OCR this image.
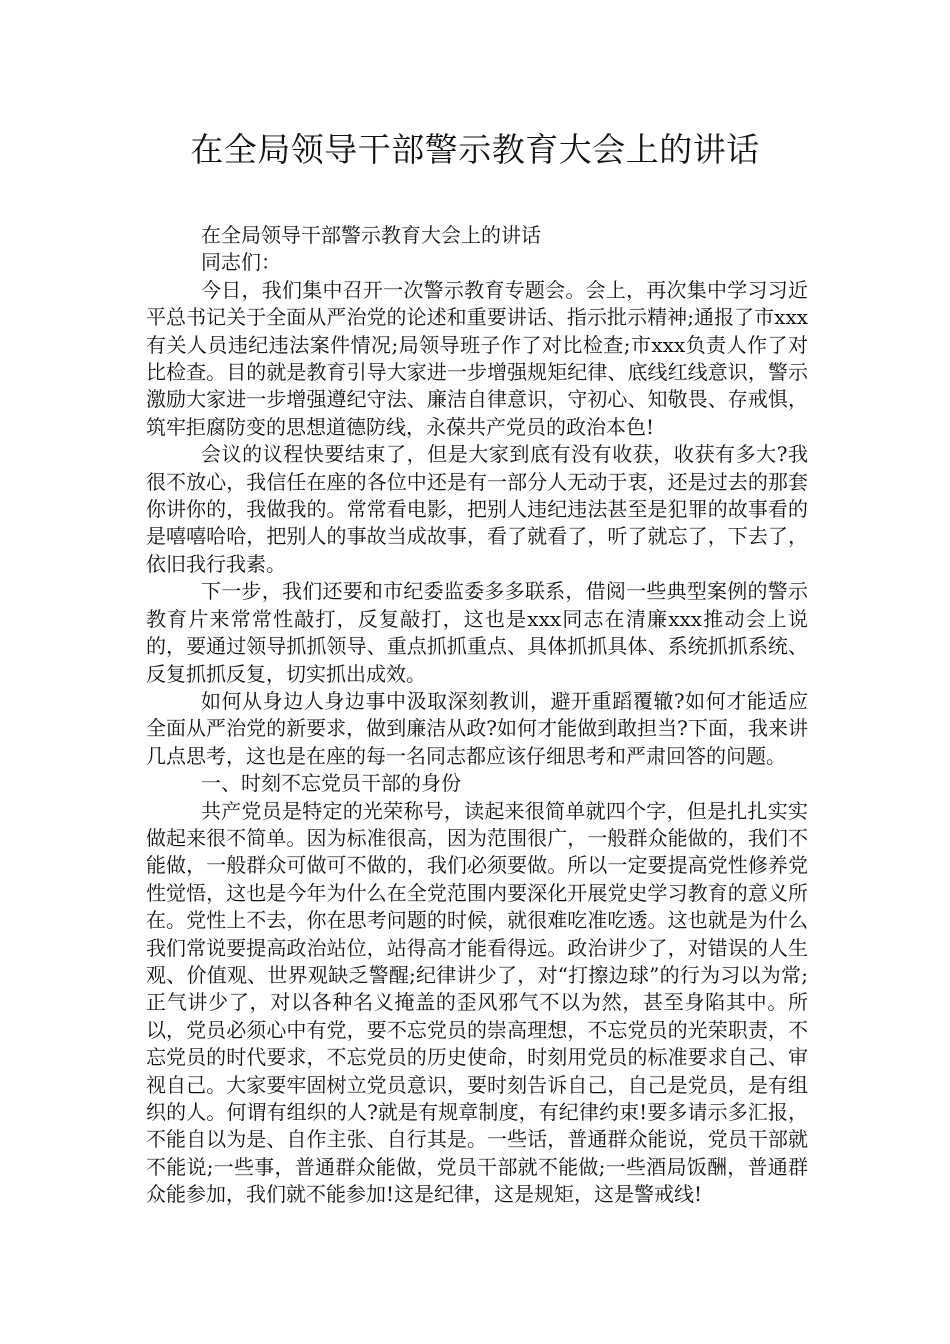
在全局领导干部警示教育大会上的讲话

在全局领导干部警示教育大会上的讲话

同志们：

今日，我们集中召开一次警示教育专题会。会上，再次集中学习习近平总书记关于全面从严治党的论述和重要讲话、指示批示精神;通报了市xxx有关人员违纪违法案件情况;局领导班子作了对比检查;市xxx负责人作了对比检查。目的就是教育引导大家进一步增强规矩纪律、底线红线意识，警示激励大家进一步增强遵纪守法、廉洁自律意识，守初心、知敬畏、存戒惧，筑牢拒腐防变的思想道德防线，永葆共产党员的政治本色!

会议的议程快要结束了，但是大家到底有没有收获，收获有多大?我很不放心，我信任在座的各位中还是有一部分人无动于衷，还是过去的那套你讲你的，我做我的。常常看电影，把别人违纪违法甚至是犯罪的故事看的是嘻嘻哈哈，把别人的事故当成故事，看了就看了，听了就忘了，下去了，依旧我行我素。

下一步，我们还要和市纪委监委多多联系，借阅一些典型案例的警示教育片来常常性敲打，反复敲打，这也是xxx同志在清廉xxx推动会上说的，要通过领导抓抓领导、重点抓抓重点、具体抓抓具体、系统抓抓系统、反复抓抓反复，切实抓出成效。

如何从身边人身边事中汲取深刻教训，避开重蹈覆辙?如何才能适应全面从严治党的新要求，做到廉洁从政?如何才能做到敢担当?下面，我来讲几点思考，这也是在座的每一名同志都应该仔细思考和严肃回答的问题。

一、时刻不忘党员干部的身份

共产党员是特定的光荣称号，读起来很简单就四个字，但是扎扎实实做起来很不简单。因为标准很高，因为范围很广，一般群众能做的，我们不能做，一般群众可做可不做的，我们必须要做。所以一定要提高党性修养党性觉悟，这也是今年为什么在全党范围内要深化开展党史学习教育的意义所在。党性上不去，你在思考问题的时候，就很难吃准吃透。这也就是为什么我们常说要提高政治站位，站得高才能看得远。政治讲少了，对错误的人生观、价值观、世界观缺乏警醒;纪律讲少了，对“打擦边球”的行为习以为常;正气讲少了，对以各种名义掩盖的歪风邪气不以为然，甚至身陷其中。所以，党员必须心中有党，要不忘党员的崇高理想，不忘党员的光荣职责，不忘党员的时代要求，不忘党员的历史使命，时刻用党员的标准要求自己、审视自己。大家要牢固树立党员意识，要时刻告诉自己，自己是党员，是有组织的人。何谓有组织的人?就是有规章制度，有纪律约束!要多请示多汇报，不能自以为是、自作主张、自行其是。一些话，普通群众能说，党员干部就不能说;一些事，普通群众能做，党员干部就不能做;一些酒局饭酬，普通群众能参加，我们就不能参加!这是纪律，这是规矩，这是警戒线!
